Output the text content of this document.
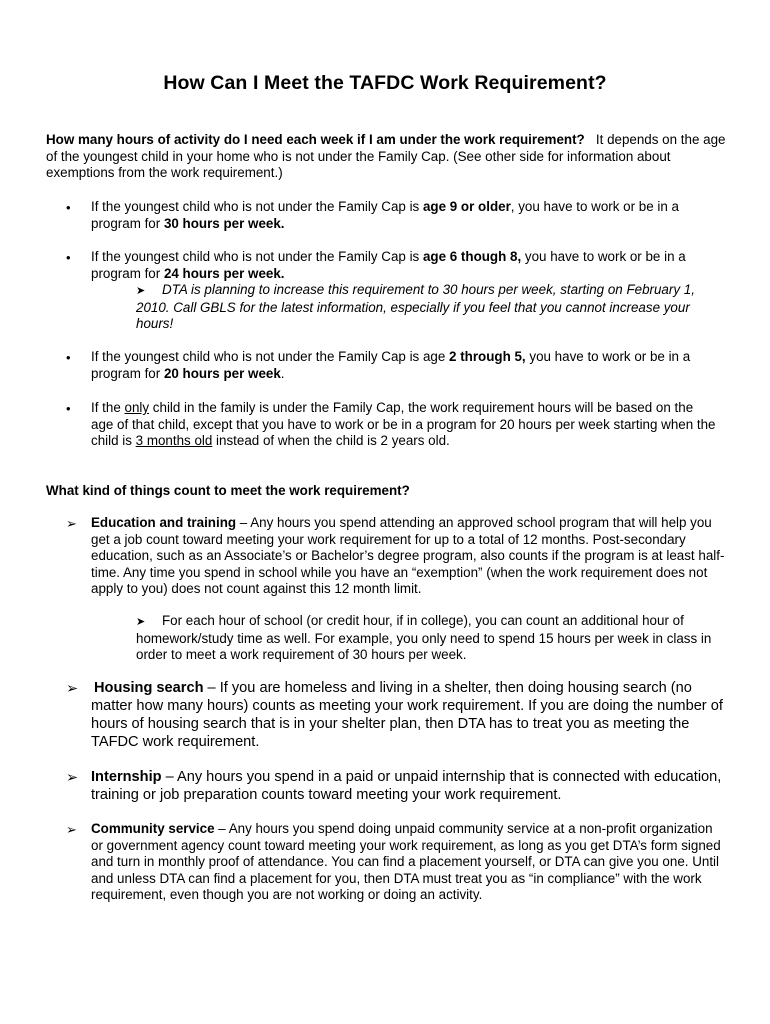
How Can I Meet the TAFDC Work Requirement?

How many hours of activity do I need each week if I am under the work requirement? It depends on the age of the youngest child in your home who is not under the Family Cap. (See other side for information about exemptions from the work requirement.)

• If the youngest child who is not under the Family Cap is age 9 or older, you have to work or be in a program for 30 hours per week.

• If the youngest child who is not under the Family Cap is age 6 though 8, you have to work or be in a program for 24 hours per week.

➤ DTA is planning to increase this requirement to 30 hours per week, starting on February 1, 2010. Call GBLS for the latest information, especially if you feel that you cannot increase your hours!

• If the youngest child who is not under the Family Cap is age 2 through 5, you have to work or be in a program for 20 hours per week.

• If the only child in the family is under the Family Cap, the work requirement hours will be based on the age of that child, except that you have to work or be in a program for 20 hours per week starting when the child is 3 months old instead of when the child is 2 years old.

What kind of things count to meet the work requirement?

➢ Education and training – Any hours you spend attending an approved school program that will help you get a job count toward meeting your work requirement for up to a total of 12 months. Post-secondary education, such as an Associate’s or Bachelor’s degree program, also counts if the program is at least half-time. Any time you spend in school while you have an “exemption” (when the work requirement does not apply to you) does not count against this 12 month limit.

➤ For each hour of school (or credit hour, if in college), you can count an additional hour of homework/study time as well. For example, you only need to spend 15 hours per week in class in order to meet a work requirement of 30 hours per week.

➢ Housing search – If you are homeless and living in a shelter, then doing housing search (no matter how many hours) counts as meeting your work requirement. If you are doing the number of hours of housing search that is in your shelter plan, then DTA has to treat you as meeting the TAFDC work requirement.

➢ Internship – Any hours you spend in a paid or unpaid internship that is connected with education, training or job preparation counts toward meeting your work requirement.

➢ Community service – Any hours you spend doing unpaid community service at a non-profit organization or government agency count toward meeting your work requirement, as long as you get DTA’s form signed and turn in monthly proof of attendance. You can find a placement yourself, or DTA can give you one. Until and unless DTA can find a placement for you, then DTA must treat you as “in compliance” with the work requirement, even though you are not working or doing an activity.
